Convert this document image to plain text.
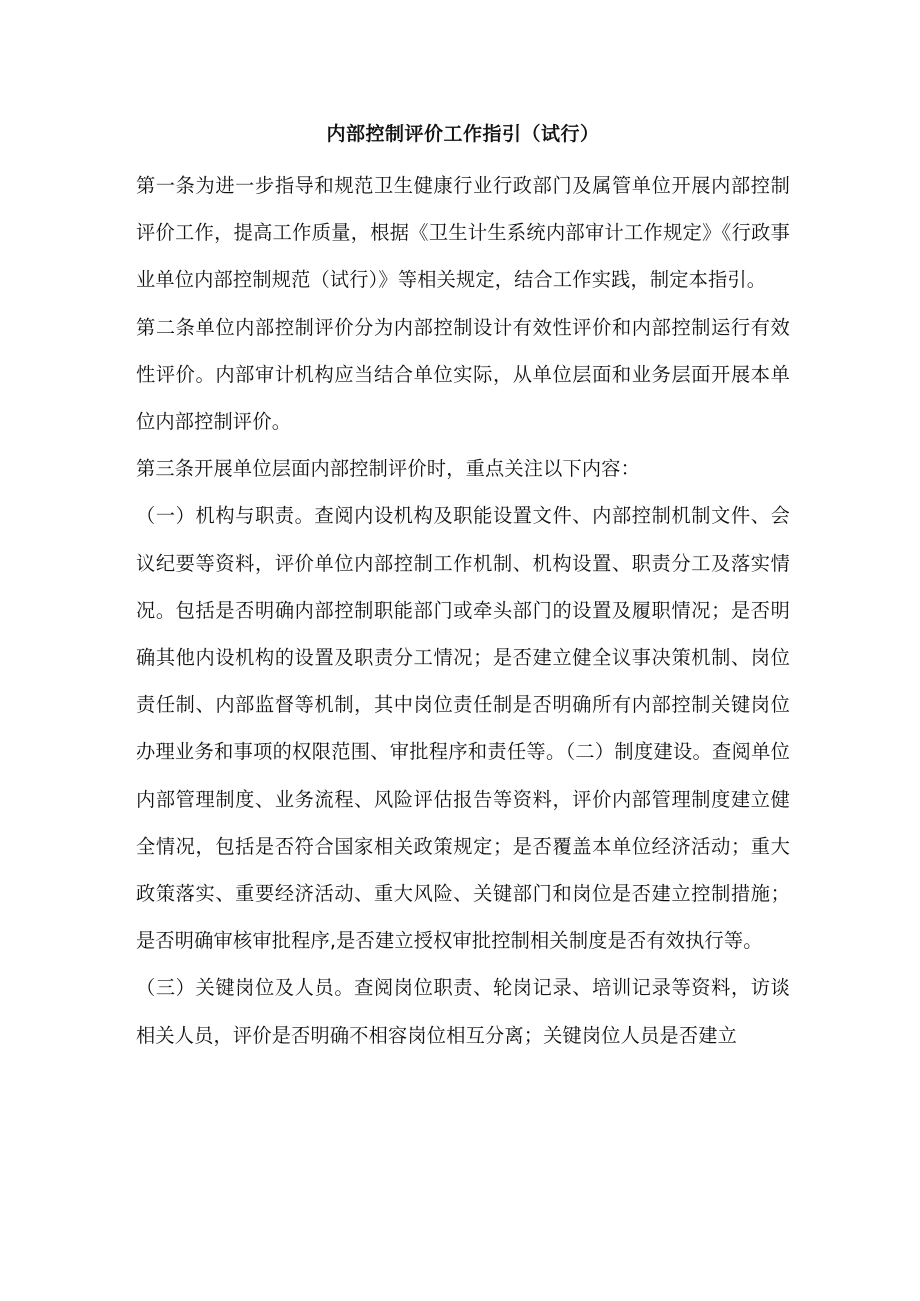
内部控制评价工作指引（试行）

第一条为进一步指导和规范卫生健康行业行政部门及属管单位开展内部控制评价工作，提高工作质量，根据《卫生计生系统内部审计工作规定》《行政事业单位内部控制规范（试行）》等相关规定，结合工作实践，制定本指引。

第二条单位内部控制评价分为内部控制设计有效性评价和内部控制运行有效性评价。内部审计机构应当结合单位实际，从单位层面和业务层面开展本单位内部控制评价。

第三条开展单位层面内部控制评价时，重点关注以下内容：

（一）机构与职责。查阅内设机构及职能设置文件、内部控制机制文件、会议纪要等资料，评价单位内部控制工作机制、机构设置、职责分工及落实情况。包括是否明确内部控制职能部门或牵头部门的设置及履职情况；是否明确其他内设机构的设置及职责分工情况；是否建立健全议事决策机制、岗位责任制、内部监督等机制，其中岗位责任制是否明确所有内部控制关键岗位办理业务和事项的权限范围、审批程序和责任等。（二）制度建设。查阅单位内部管理制度、业务流程、风险评估报告等资料，评价内部管理制度建立健全情况，包括是否符合国家相关政策规定；是否覆盖本单位经济活动；重大政策落实、重要经济活动、重大风险、关键部门和岗位是否建立控制措施；是否明确审核审批程序,是否建立授权审批控制相关制度是否有效执行等。

（三）关键岗位及人员。查阅岗位职责、轮岗记录、培训记录等资料，访谈相关人员，评价是否明确不相容岗位相互分离；关键岗位人员是否建立
